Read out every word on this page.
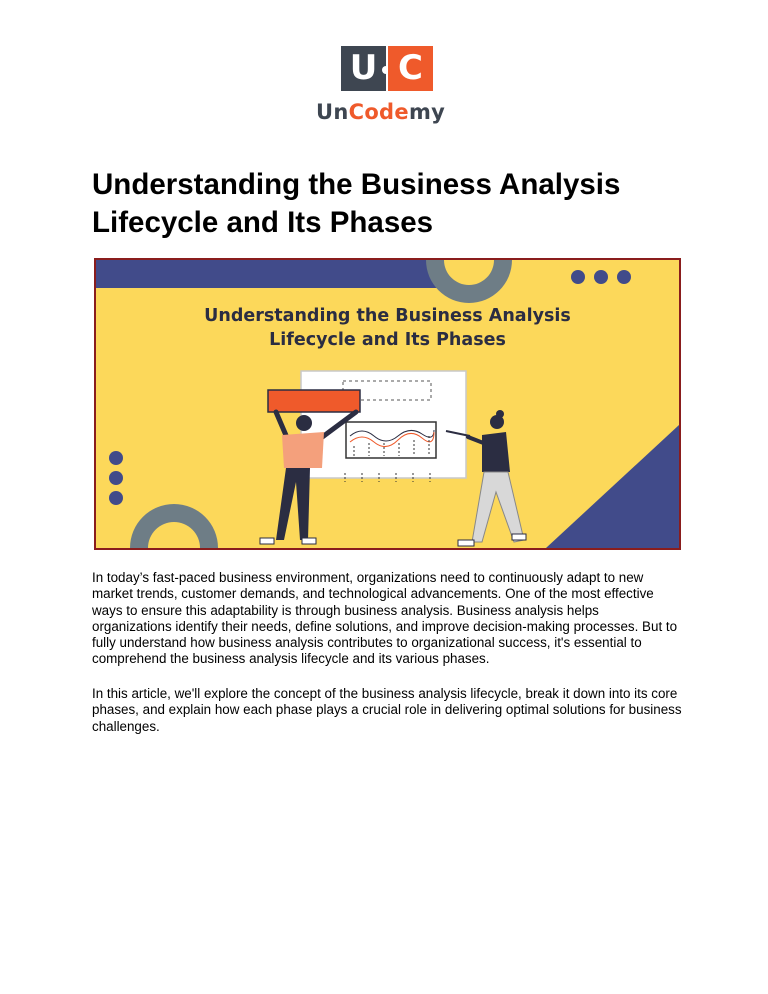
U C
UnCodemy
Understanding the Business Analysis Lifecycle and Its Phases
Understanding the Business Analysis
Lifecycle and Its Phases

In today’s fast-paced business environment, organizations need to continuously adapt to new market trends, customer demands, and technological advancements. One of the most effective ways to ensure this adaptability is through business analysis. Business analysis helps organizations identify their needs, define solutions, and improve decision-making processes. But to fully understand how business analysis contributes to organizational success, it's essential to comprehend the business analysis lifecycle and its various phases.

In this article, we'll explore the concept of the business analysis lifecycle, break it down into its core phases, and explain how each phase plays a crucial role in delivering optimal solutions for business challenges.
